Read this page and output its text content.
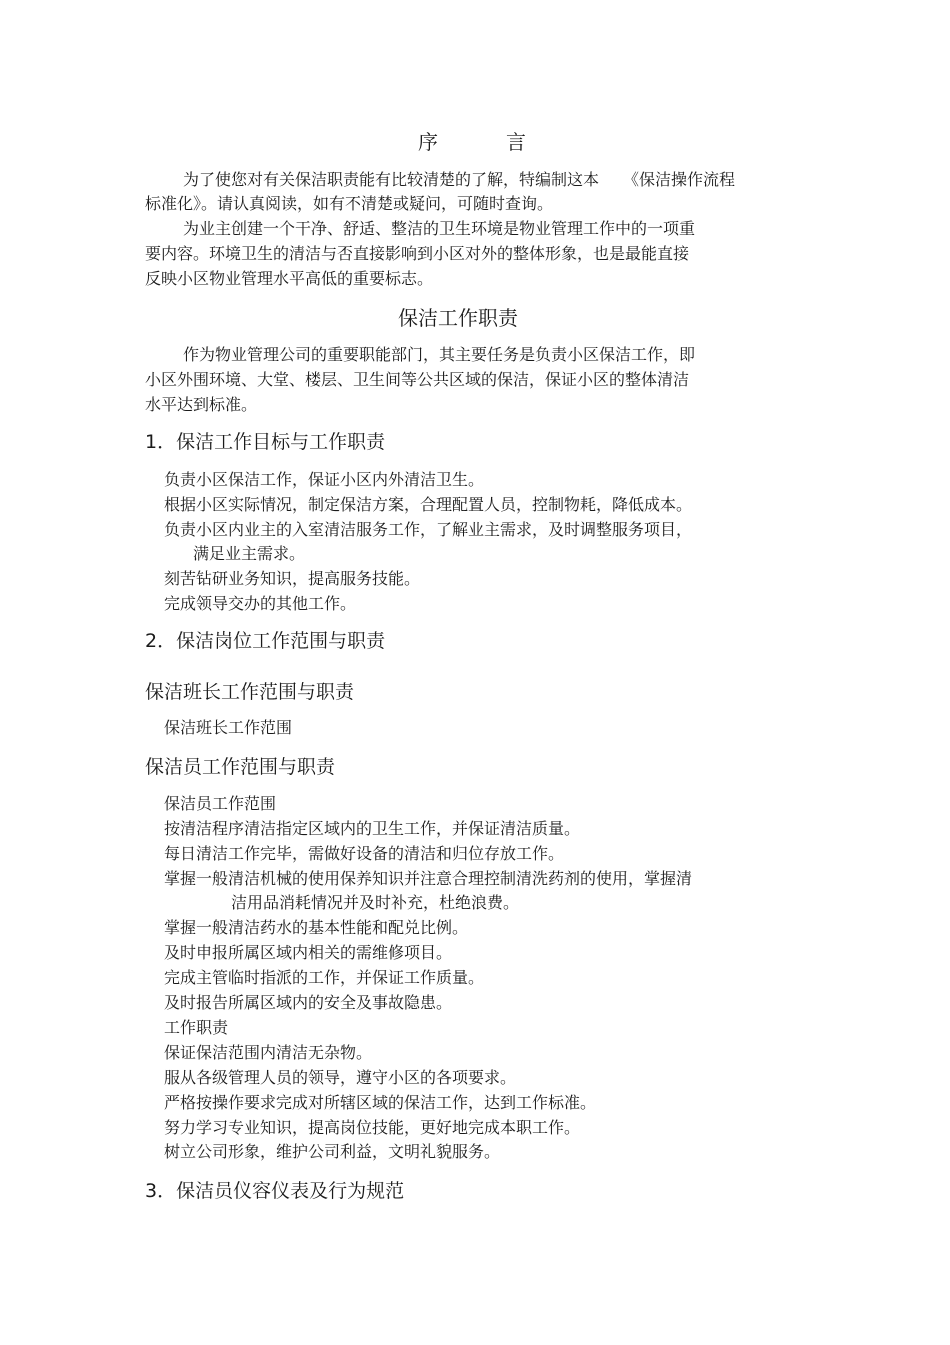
序　言
为了使您对有关保洁职责能有比较清楚的了解，特编制这本　　《保洁操作流程
标准化》。请认真阅读，如有不清楚或疑问，可随时查询。
为业主创建一个干净、舒适、整洁的卫生环境是物业管理工作中的一项重
要内容。环境卫生的清洁与否直接影响到小区对外的整体形象，也是最能直接
反映小区物业管理水平高低的重要标志。
保洁工作职责
作为物业管理公司的重要职能部门，其主要任务是负责小区保洁工作，即
小区外围环境、大堂、楼层、卫生间等公共区域的保洁，保证小区的整体清洁
水平达到标准。
1．保洁工作目标与工作职责
负责小区保洁工作，保证小区内外清洁卫生。
根据小区实际情况，制定保洁方案，合理配置人员，控制物耗，降低成本。
负责小区内业主的入室清洁服务工作，了解业主需求，及时调整服务项目，
满足业主需求。
刻苦钻研业务知识，提高服务技能。
完成领导交办的其他工作。
2．保洁岗位工作范围与职责
保洁班长工作范围与职责
保洁班长工作范围
保洁员工作范围与职责
保洁员工作范围
按清洁程序清洁指定区域内的卫生工作，并保证清洁质量。
每日清洁工作完毕，需做好设备的清洁和归位存放工作。
掌握一般清洁机械的使用保养知识并注意合理控制清洗药剂的使用，掌握清
洁用品消耗情况并及时补充，杜绝浪费。
掌握一般清洁药水的基本性能和配兑比例。
及时申报所属区域内相关的需维修项目。
完成主管临时指派的工作，并保证工作质量。
及时报告所属区域内的安全及事故隐患。
工作职责
保证保洁范围内清洁无杂物。
服从各级管理人员的领导，遵守小区的各项要求。
严格按操作要求完成对所辖区域的保洁工作，达到工作标准。
努力学习专业知识，提高岗位技能，更好地完成本职工作。
树立公司形象，维护公司利益，文明礼貌服务。
3．保洁员仪容仪表及行为规范
